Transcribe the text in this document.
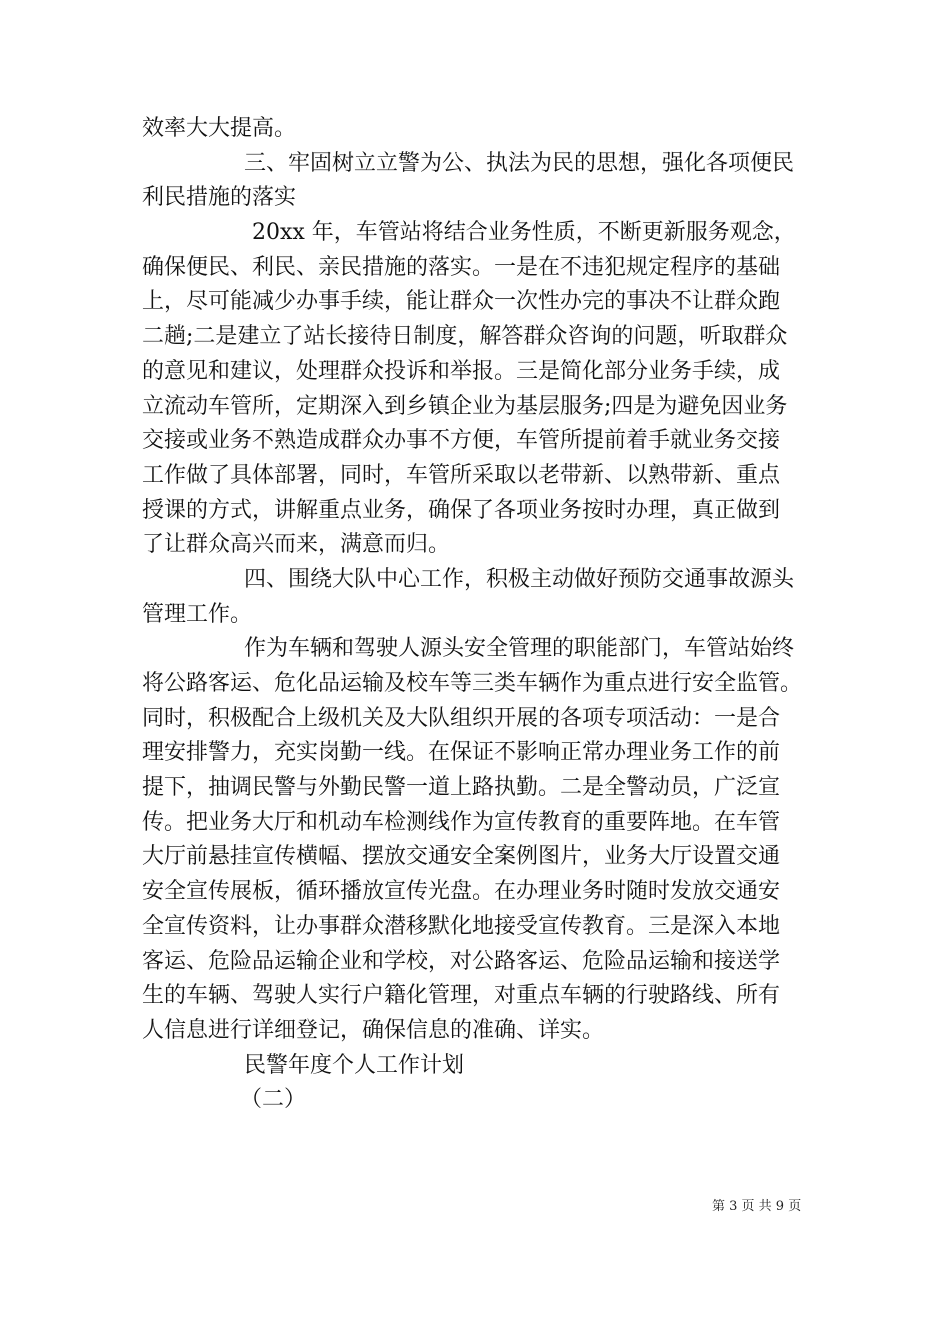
效率大大提高。
三、牢固树立立警为公、执法为民的思想，强化各项便民
利民措施的落实
20xx 年，车管站将结合业务性质，不断更新服务观念，
确保便民、利民、亲民措施的落实。一是在不违犯规定程序的基础
上，尽可能减少办事手续，能让群众一次性办完的事决不让群众跑
二趟;二是建立了站长接待日制度，解答群众咨询的问题，听取群众
的意见和建议，处理群众投诉和举报。三是简化部分业务手续，成
立流动车管所，定期深入到乡镇企业为基层服务;四是为避免因业务
交接或业务不熟造成群众办事不方便，车管所提前着手就业务交接
工作做了具体部署，同时，车管所采取以老带新、以熟带新、重点
授课的方式，讲解重点业务，确保了各项业务按时办理，真正做到
了让群众高兴而来，满意而归。
四、围绕大队中心工作，积极主动做好预防交通事故源头
管理工作。
作为车辆和驾驶人源头安全管理的职能部门，车管站始终
将公路客运、危化品运输及校车等三类车辆作为重点进行安全监管。
同时，积极配合上级机关及大队组织开展的各项专项活动：一是合
理安排警力，充实岗勤一线。在保证不影响正常办理业务工作的前
提下，抽调民警与外勤民警一道上路执勤。二是全警动员，广泛宣
传。把业务大厅和机动车检测线作为宣传教育的重要阵地。在车管
大厅前悬挂宣传横幅、摆放交通安全案例图片，业务大厅设置交通
安全宣传展板，循环播放宣传光盘。在办理业务时随时发放交通安
全宣传资料，让办事群众潜移默化地接受宣传教育。三是深入本地
客运、危险品运输企业和学校，对公路客运、危险品运输和接送学
生的车辆、驾驶人实行户籍化管理，对重点车辆的行驶路线、所有
人信息进行详细登记，确保信息的准确、详实。
民警年度个人工作计划
（二）
第 3 页 共 9 页
